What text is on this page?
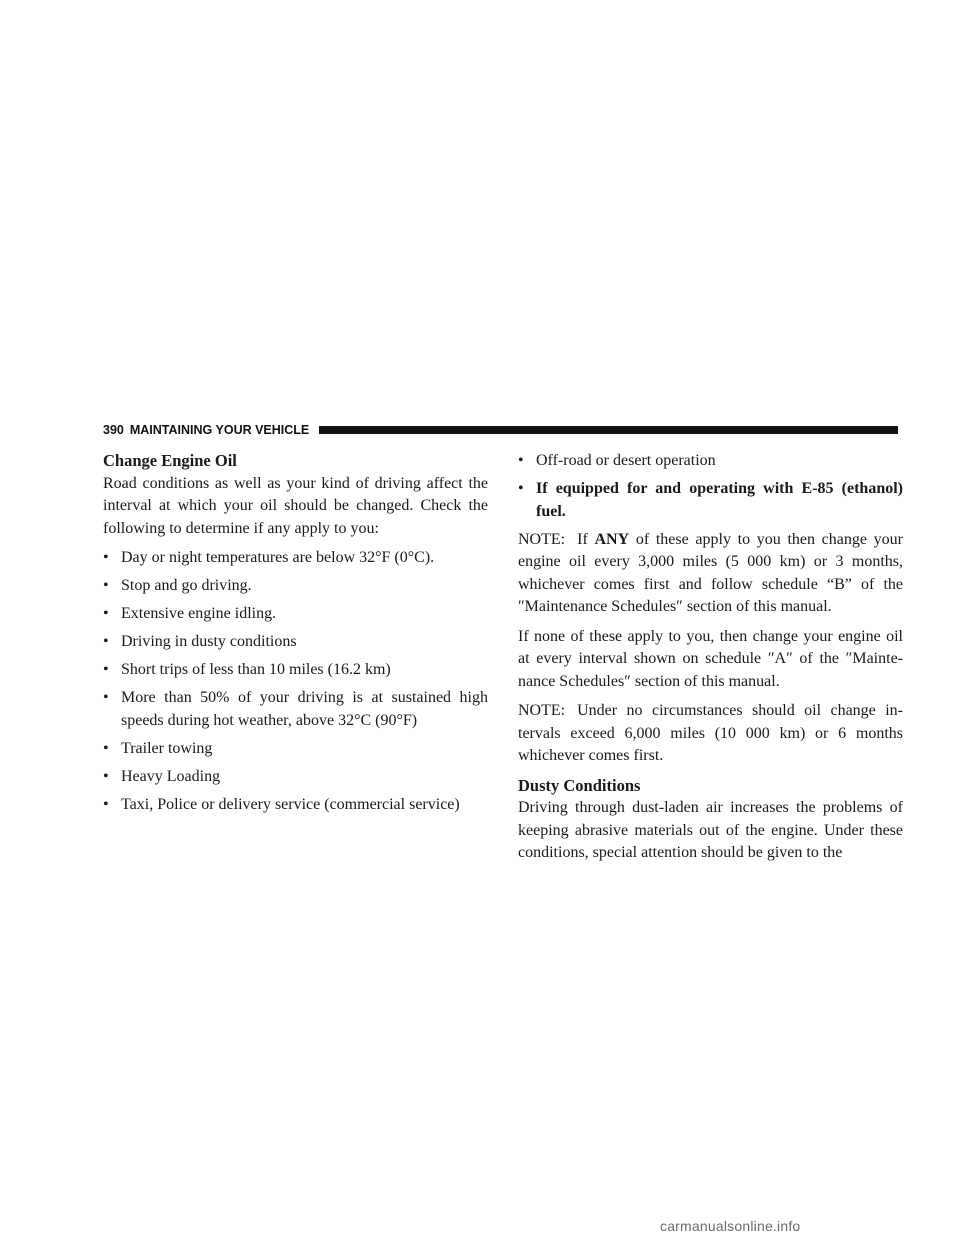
390 MAINTAINING YOUR VEHICLE
Change Engine Oil

Road conditions as well as your kind of driving affect the interval at which your oil should be changed. Check the following to determine if any apply to you:

• Day or night temperatures are below 32°F (0°C).
• Stop and go driving.
• Extensive engine idling.
• Driving in dusty conditions
• Short trips of less than 10 miles (16.2 km)
• More than 50% of your driving is at sustained high speeds during hot weather, above 32°C (90°F)
• Trailer towing
• Heavy Loading
• Taxi, Police or delivery service (commercial service)
• Off-road or desert operation
• If equipped for and operating with E-85 (ethanol) fuel.

NOTE: If ANY of these apply to you then change your engine oil every 3,000 miles (5 000 km) or 3 months, whichever comes first and follow schedule “B” of the ″Maintenance Schedules″ section of this manual.

If none of these apply to you, then change your engine oil at every interval shown on schedule ″A″ of the ″Mainte-nance Schedules″ section of this manual.

NOTE: Under no circumstances should oil change in-tervals exceed 6,000 miles (10 000 km) or 6 months whichever comes first.

Dusty Conditions

Driving through dust-laden air increases the problems of keeping abrasive materials out of the engine. Under these conditions, special attention should be given to the

carmanualsonline.info
